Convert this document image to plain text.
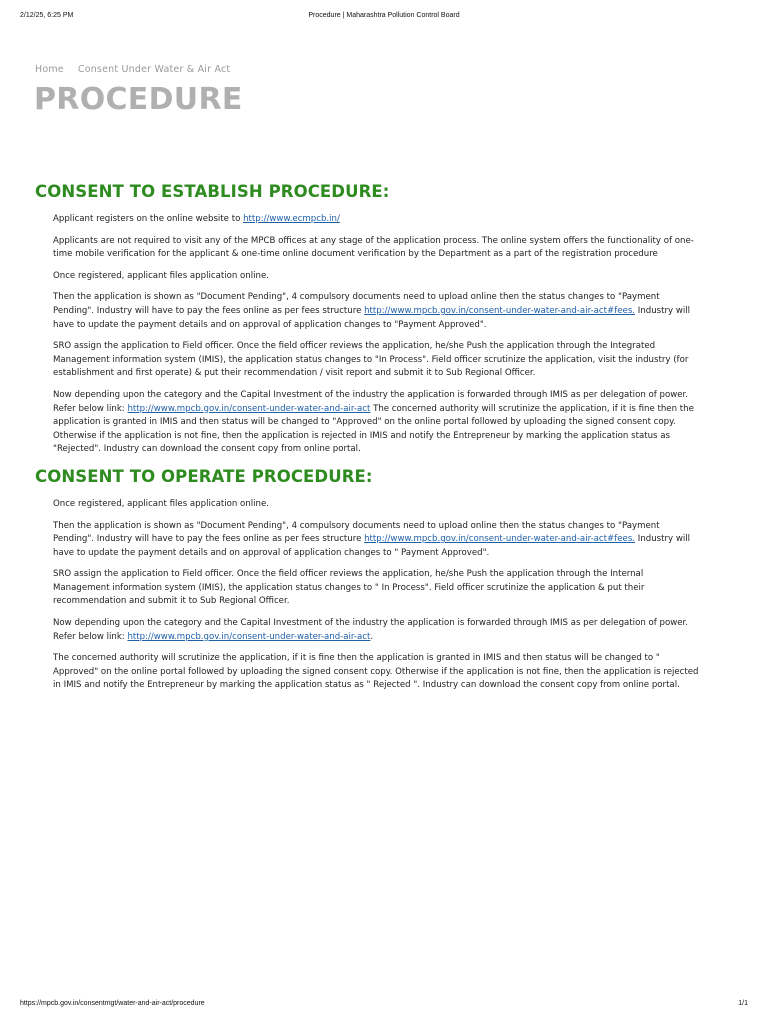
2/12/25, 6:25 PM	Procedure | Maharashtra Pollution Control Board
Home Consent Under Water & Air Act
PROCEDURE
CONSENT TO ESTABLISH PROCEDURE:

Applicant registers on the online website to http://www.ecmpcb.in/

Applicants are not required to visit any of the MPCB offices at any stage of the application process. The online system offers the functionality of one-time mobile verification for the applicant & one-time online document verification by the Department as a part of the registration procedure

Once registered, applicant files application online.

Then the application is shown as "Document Pending", 4 compulsory documents need to upload online then the status changes to "Payment Pending". Industry will have to pay the fees online as per fees structure http://www.mpcb.gov.in/consent-under-water-and-air-act#fees. Industry will have to update the payment details and on approval of application changes to "Payment Approved".

SRO assign the application to Field officer. Once the field officer reviews the application, he/she Push the application through the Integrated Management information system (IMIS), the application status changes to "In Process". Field officer scrutinize the application, visit the industry (for establishment and first operate) & put their recommendation / visit report and submit it to Sub Regional Officer.

Now depending upon the category and the Capital Investment of the industry the application is forwarded through IMIS as per delegation of power. Refer below link: http://www.mpcb.gov.in/consent-under-water-and-air-act The concerned authority will scrutinize the application, if it is fine then the application is granted in IMIS and then status will be changed to "Approved" on the online portal followed by uploading the signed consent copy. Otherwise if the application is not fine, then the application is rejected in IMIS and notify the Entrepreneur by marking the application status as "Rejected". Industry can download the consent copy from online portal.

CONSENT TO OPERATE PROCEDURE:

Once registered, applicant files application online.

Then the application is shown as "Document Pending", 4 compulsory documents need to upload online then the status changes to "Payment Pending". Industry will have to pay the fees online as per fees structure http://www.mpcb.gov.in/consent-under-water-and-air-act#fees. Industry will have to update the payment details and on approval of application changes to " Payment Approved".

SRO assign the application to Field officer. Once the field officer reviews the application, he/she Push the application through the Internal Management information system (IMIS), the application status changes to " In Process". Field officer scrutinize the application & put their recommendation and submit it to Sub Regional Officer.

Now depending upon the category and the Capital Investment of the industry the application is forwarded through IMIS as per delegation of power. Refer below link: http://www.mpcb.gov.in/consent-under-water-and-air-act.

The concerned authority will scrutinize the application, if it is fine then the application is granted in IMIS and then status will be changed to " Approved" on the online portal followed by uploading the signed consent copy. Otherwise if the application is not fine, then the application is rejected in IMIS and notify the Entrepreneur by marking the application status as " Rejected ". Industry can download the consent copy from online portal.

https://mpcb.gov.in/consentmgt/water-and-air-act/procedure	1/1
